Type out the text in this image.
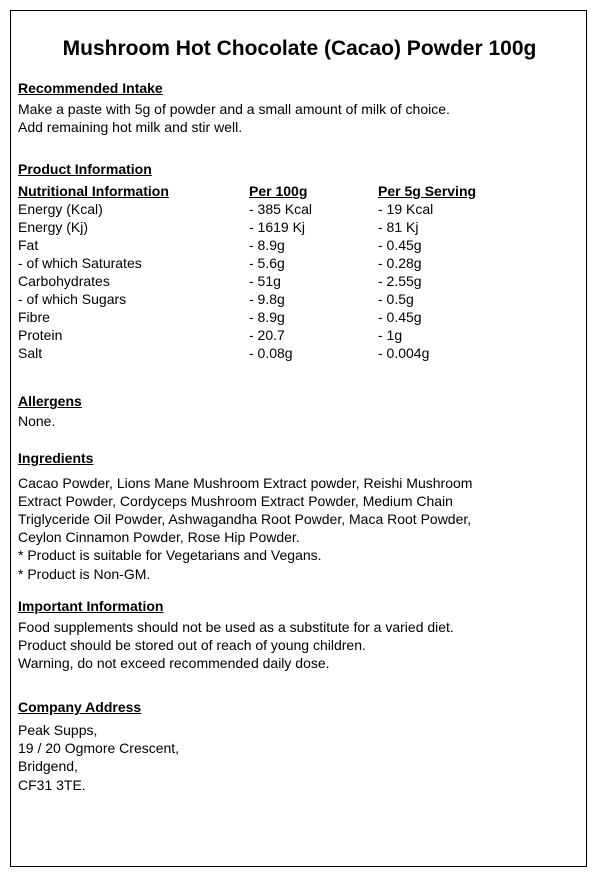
Mushroom Hot Chocolate (Cacao) Powder 100g
Recommended Intake
Make a paste with 5g of powder and a small amount of milk of choice.
Add remaining hot milk and stir well.
Product Information
Nutritional Information	Per 100g	Per 5g Serving
Energy (Kcal)	- 385 Kcal	- 19 Kcal
Energy (Kj)	- 1619 Kj	- 81 Kj
Fat	- 8.9g	- 0.45g
- of which Saturates	- 5.6g	- 0.28g
Carbohydrates	- 51g	- 2.55g
- of which Sugars	- 9.8g	- 0.5g
Fibre	- 8.9g	- 0.45g
Protein	- 20.7	- 1g
Salt	- 0.08g	- 0.004g
Allergens
None.
Ingredients
Cacao Powder, Lions Mane Mushroom Extract powder, Reishi Mushroom
Extract Powder, Cordyceps Mushroom Extract Powder, Medium Chain
Triglyceride Oil Powder, Ashwagandha Root Powder, Maca Root Powder,
Ceylon Cinnamon Powder, Rose Hip Powder.
* Product is suitable for Vegetarians and Vegans.
* Product is Non-GM.
Important Information
Food supplements should not be used as a substitute for a varied diet.
Product should be stored out of reach of young children.
Warning, do not exceed recommended daily dose.
Company Address
Peak Supps,
19 / 20 Ogmore Crescent,
Bridgend,
CF31 3TE.
